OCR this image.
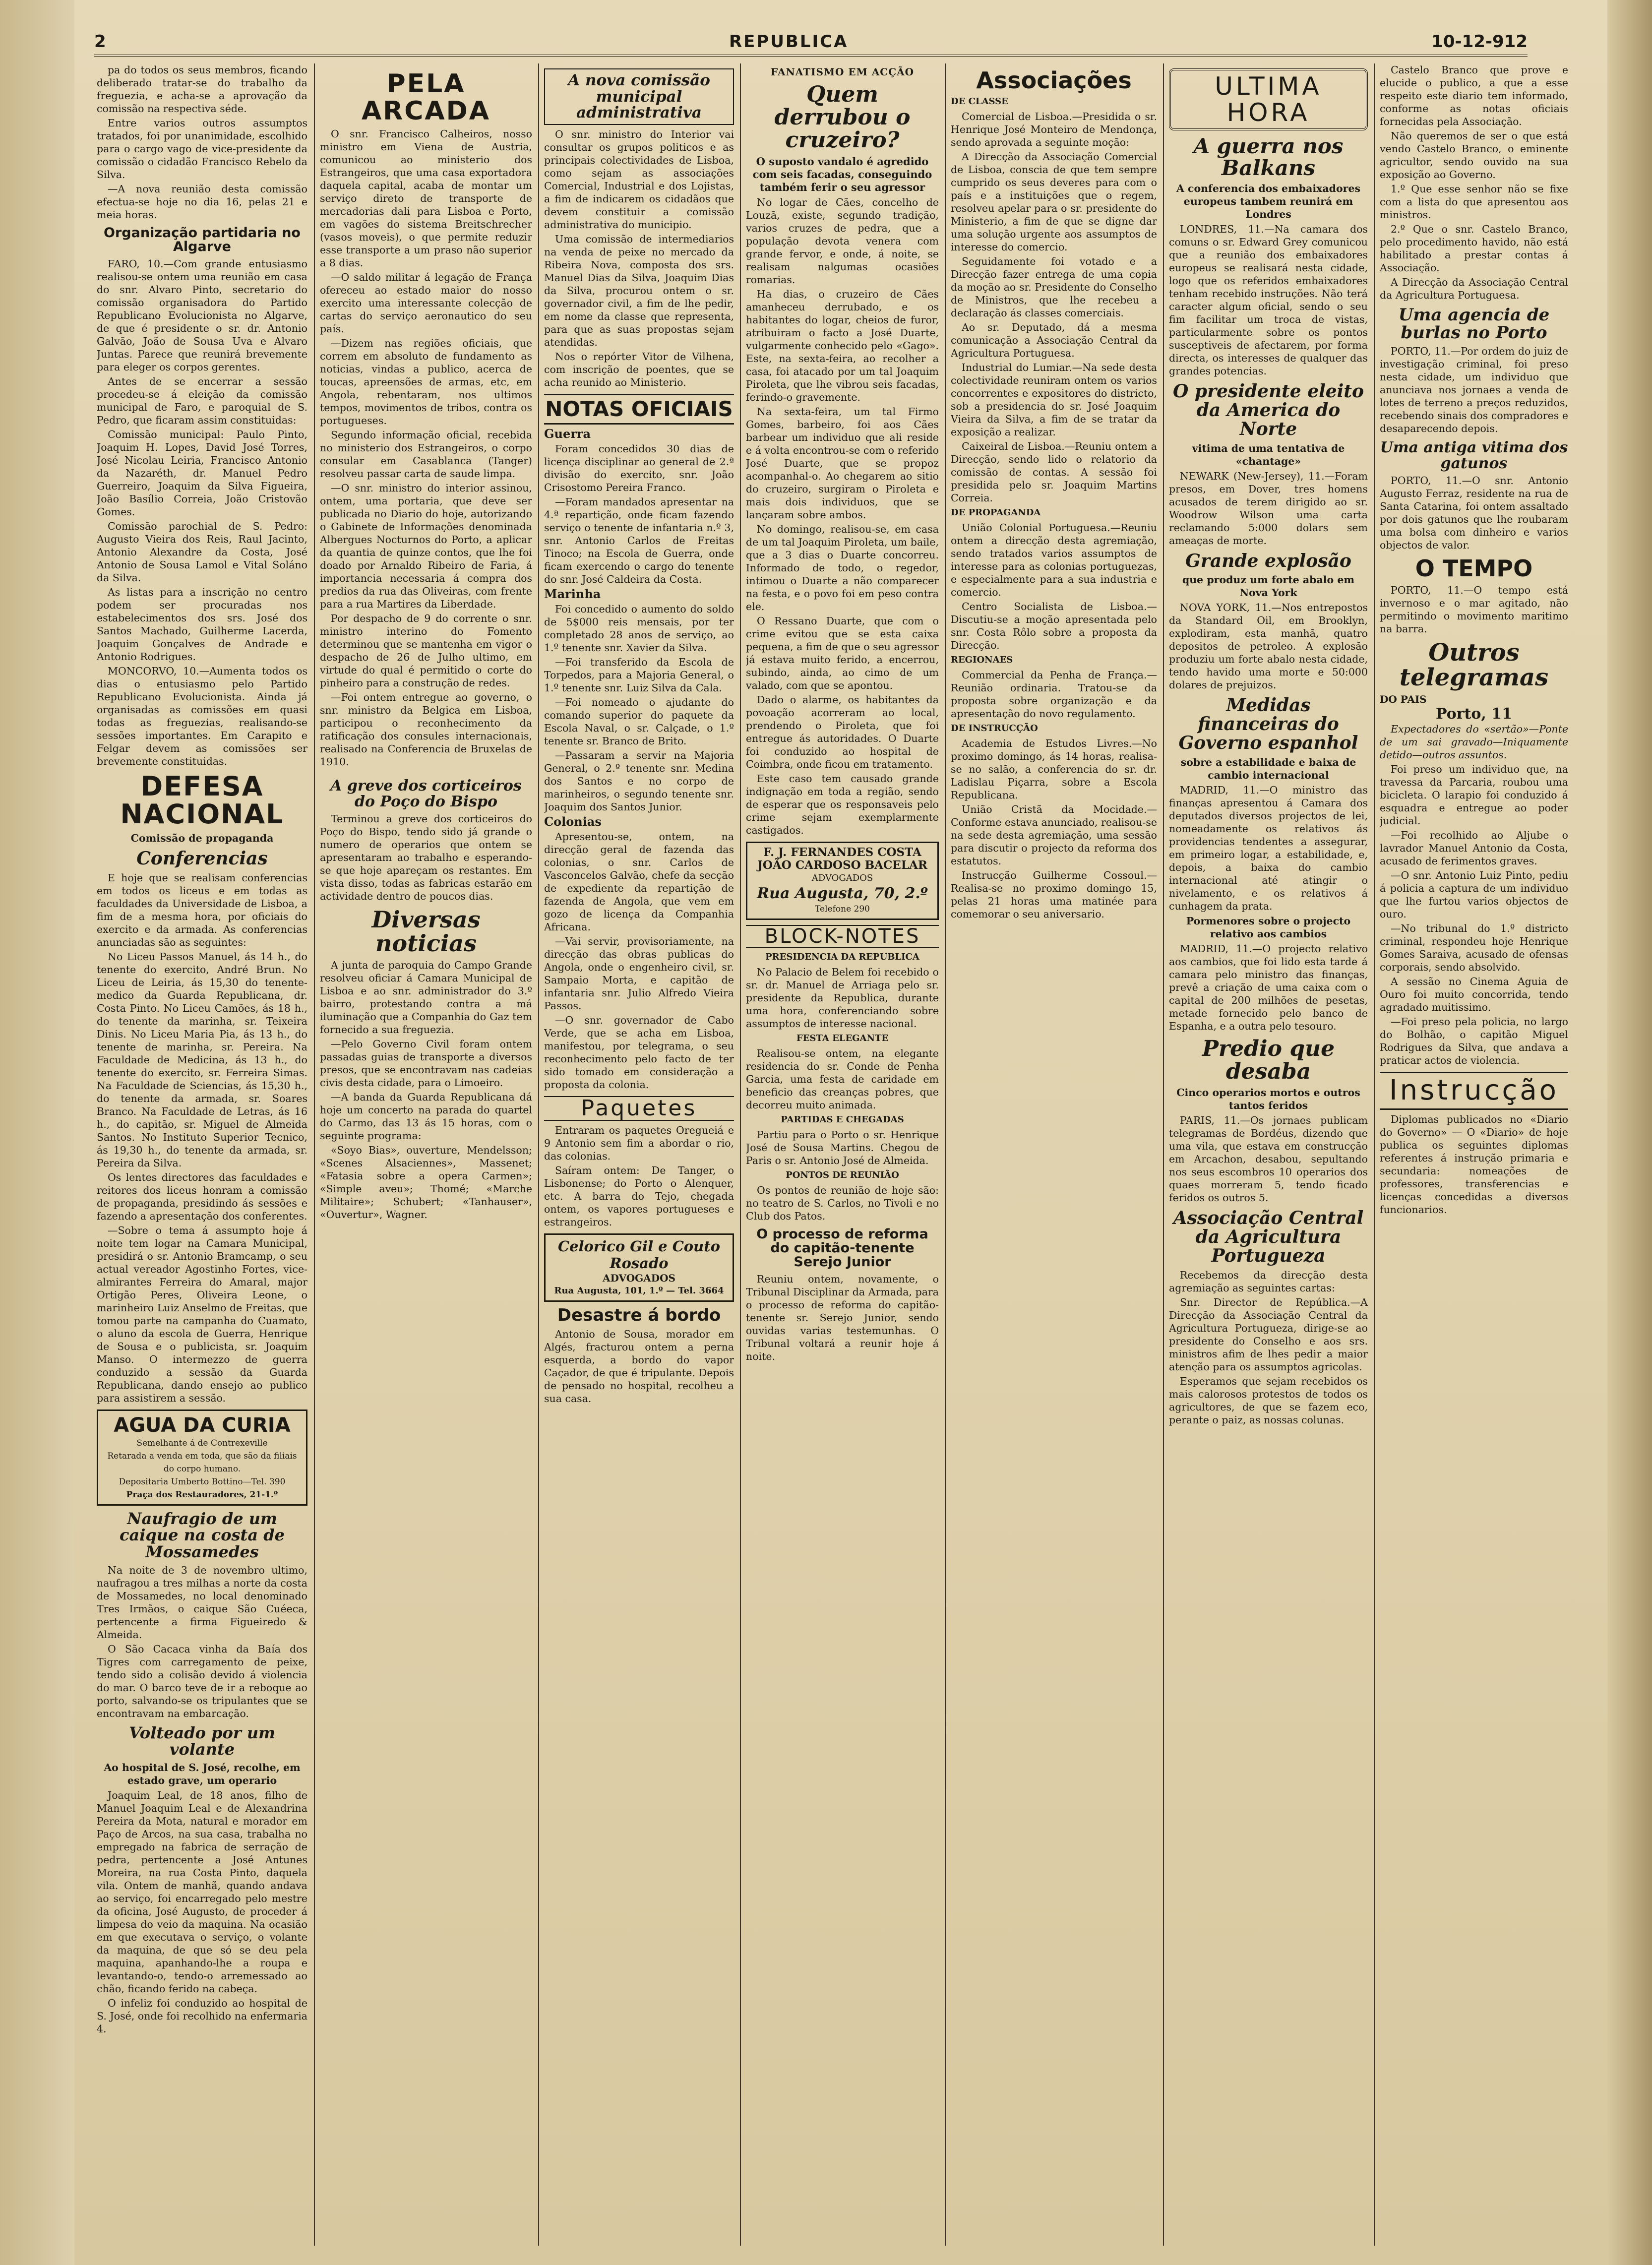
2	REPUBLICA	10-12-912

pa do todos os seus membros, ficando deliberado tratar-se do trabalho da freguezia, e acha-se a aprovação da comissão na respectiva séde.

Entre varios outros assumptos tratados, foi por unanimidade, escolhido para o cargo vago de vice-presidente da comissão o cidadão Francisco Rebelo da Silva.

—A nova reunião desta comissão efectua-se hoje no dia 16, pelas 21 e meia horas.

Organização partidaria no Algarve

FARO, 10.—Com grande entusiasmo realisou-se ontem uma reunião em casa do snr. Alvaro Pinto, secretario do comissão organisadora do Partido Republicano Evolucionista no Algarve, de que é presidente o sr. dr. Antonio Galvão, João de Sousa Uva e Alvaro Juntas. Parece que reunirá brevemente para eleger os corpos gerentes.

Antes de se encerrar a sessão procedeu-se á eleição da comissão municipal de Faro, e paroquial de S. Pedro, que ficaram assim constituidas:

Comissão municipal: Paulo Pinto, Joaquim H. Lopes, David José Torres, José Nicolau Leiria, Francisco Antonio da Nazaréth, dr. Manuel Pedro Guerreiro, Joaquim da Silva Figueira, João Basílio Correia, João Cristovão Gomes.

Comissão parochial de S. Pedro: Augusto Vieira dos Reis, Raul Jacinto, Antonio Alexandre da Costa, José Antonio de Sousa Lamol e Vital Soláno da Silva.

As listas para a inscrição no centro podem ser procuradas nos estabelecimentos dos srs. José dos Santos Machado, Guilherme Lacerda, Joaquim Gonçalves de Andrade e Antonio Rodrigues.

MONCORVO, 10.—Aumenta todos os dias o entusiasmo pelo Partido Republicano Evolucionista. Ainda já organisadas as comissões em quasi todas as freguezias, realisando-se sessões importantes. Em Carapito e Felgar devem as comissões ser brevemente constituidas.

DEFESA NACIONAL
Comissão de propaganda
Conferencias

E hoje que se realisam conferencias em todos os liceus e em todas as faculdades da Universidade de Lisboa, a fim de a mesma hora, por oficiais do exercito e da armada. As conferencias anunciadas são as seguintes:

No Liceu Passos Manuel, ás 14 h., do tenente do exercito, André Brun. No Liceu de Leiria, ás 15,30 do tenente-medico da Guarda Republicana, dr. Costa Pinto. No Liceu Camões, ás 18 h., do tenente da marinha, sr. Teixeira Dinis. No Liceu Maria Pia, ás 13 h., do tenente de marinha, sr. Pereira. Na Faculdade de Medicina, ás 13 h., do tenente do exercito, sr. Ferreira Simas. Na Faculdade de Sciencias, ás 15,30 h., do tenente da armada, sr. Soares Branco. Na Faculdade de Letras, ás 16 h., do capitão, sr. Miguel de Almeida Santos. No Instituto Superior Tecnico, ás 19,30 h., do tenente da armada, sr. Pereira da Silva.

Os lentes directores das faculdades e reitores dos liceus honram a comissão de propaganda, presidindo ás sessões e fazendo a apresentação dos conferentes.

—Sobre o tema á assumpto hoje á noite tem logar na Camara Municipal, presidirá o sr. Antonio Bramcamp, o seu actual vereador Agostinho Fortes, vice-almirantes Ferreira do Amaral, major Ortigão Peres, Oliveira Leone, o marinheiro Luiz Anselmo de Freitas, que tomou parte na campanha do Cuamato, o aluno da escola de Guerra, Henrique de Sousa e o publicista, sr. Joaquim Manso. O intermezzo de guerra conduzido a sessão da Guarda Republicana, dando ensejo ao publico para assistirem a sessão.

AGUA DA CURIA
Semelhante á de Contrexeville
Retarada a venda em toda, que são da filiais do corpo humano.
Depositaria Umberto Bottino—Tel. 390
Praça dos Restauradores, 21-1.º
Naufragio de um caique na costa de Mossamedes

Na noite de 3 de novembro ultimo, naufragou a tres milhas a norte da costa de Mossamedes, no local denominado Tres Irmãos, o caique São Cuéeca, pertencente a firma Figueiredo & Almeida.

O São Cacaca vinha da Baía dos Tigres com carregamento de peixe, tendo sido a colisão devido á violencia do mar. O barco teve de ir a reboque ao porto, salvando-se os tripulantes que se encontravam na embarcação.

Volteado por um volante
Ao hospital de S. José, recolhe, em estado grave, um operario

Joaquim Leal, de 18 anos, filho de Manuel Joaquim Leal e de Alexandrina Pereira da Mota, natural e morador em Paço de Arcos, na sua casa, trabalha no empregado na fabrica de serração de pedra, pertencente a José Antunes Moreira, na rua Costa Pinto, daquela vila. Ontem de manhã, quando andava ao serviço, foi encarregado pelo mestre da oficina, José Augusto, de proceder á limpesa do veio da maquina. Na ocasião em que executava o serviço, o volante da maquina, de que só se deu pela maquina, apanhando-lhe a roupa e levantando-o, tendo-o arremessado ao chão, ficando ferido na cabeça.

O infeliz foi conduzido ao hospital de S. José, onde foi recolhido na enfermaria 4.

PELA ARCADA

O snr. Francisco Calheiros, nosso ministro em Viena de Austria, comunicou ao ministerio dos Estrangeiros, que uma casa exportadora daquela capital, acaba de montar um serviço direto de transporte de mercadorias dali para Lisboa e Porto, em vagões do sistema Breitschrecher (vasos moveis), o que permite reduzir esse transporte a um praso não superior a 8 dias.

—O saldo militar á legação de França ofereceu ao estado maior do nosso exercito uma interessante colecção de cartas do serviço aeronautico do seu país.

—Dizem nas regiões oficiais, que correm em absoluto de fundamento as noticias, vindas a publico, acerca de toucas, apreensões de armas, etc, em Angola, rebentaram, nos ultimos tempos, movimentos de tribos, contra os portugueses.

Segundo informação oficial, recebida no ministerio dos Estrangeiros, o corpo consular em Casablanca (Tanger) resolveu passar carta de saude limpa.

—O snr. ministro do interior assinou, ontem, uma portaria, que deve ser publicada no Diario do hoje, autorizando o Gabinete de Informações denominada Albergues Nocturnos do Porto, a aplicar da quantia de quinze contos, que lhe foi doado por Arnaldo Ribeiro de Faria, á importancia necessaria á compra dos predios da rua das Oliveiras, com frente para a rua Martires da Liberdade.

Por despacho de 9 do corrente o snr. ministro interino do Fomento determinou que se mantenha em vigor o despacho de 26 de Julho ultimo, em virtude do qual é permitido o corte do pinheiro para a construção de redes.

—Foi ontem entregue ao governo, o snr. ministro da Belgica em Lisboa, participou o reconhecimento da ratificação dos consules internacionais, realisado na Conferencia de Bruxelas de 1910.

A greve dos corticeiros do Poço do Bispo

Terminou a greve dos corticeiros do Poço do Bispo, tendo sido já grande o numero de operarios que ontem se apresentaram ao trabalho e esperando-se que hoje apareçam os restantes. Em vista disso, todas as fabricas estarão em actividade dentro de poucos dias.

Diversas noticias

A junta de paroquia do Campo Grande resolveu oficiar á Camara Municipal de Lisboa e ao snr. administrador do 3.º bairro, protestando contra a má iluminação que a Companhia do Gaz tem fornecido a sua freguezia.

—Pelo Governo Civil foram ontem passadas guias de transporte a diversos presos, que se encontravam nas cadeias civis desta cidade, para o Limoeiro.

—A banda da Guarda Republicana dá hoje um concerto na parada do quartel do Carmo, das 13 ás 15 horas, com o seguinte programa:

«Soyo Bias», ouverture, Mendelsson; «Scenes Alsaciennes», Massenet; «Fatasia sobre a opera Carmen»; «Simple aveu»; Thomé; «Marche Militaire»; Schubert; «Tanhauser», «Ouvertur», Wagner.

A nova comissão municipal administrativa

O snr. ministro do Interior vai consultar os grupos politicos e as principais colectividades de Lisboa, como sejam as associações Comercial, Industrial e dos Lojistas, a fim de indicarem os cidadãos que devem constituir a comissão administrativa do municipio.

Uma comissão de intermediarios na venda de peixe no mercado da Ribeira Nova, composta dos srs. Manuel Dias da Silva, Joaquim Dias da Silva, procurou ontem o sr. governador civil, a fim de lhe pedir, em nome da classe que representa, para que as suas propostas sejam atendidas.

Nos o repórter Vitor de Vilhena, com inscrição de poentes, que se acha reunido ao Ministerio.

NOTAS OFICIAIS
Guerra

Foram concedidos 30 dias de licença disciplinar ao general de 2.ª divisão do exercito, snr. João Crisostomo Pereira Franco.

—Foram mandados apresentar na 4.ª repartição, onde ficam fazendo serviço o tenente de infantaria n.º 3, snr. Antonio Carlos de Freitas Tinoco; na Escola de Guerra, onde ficam exercendo o cargo do tenente do snr. José Caldeira da Costa.

Marinha

Foi concedido o aumento do soldo de 5$000 reis mensais, por ter completado 28 anos de serviço, ao 1.º tenente snr. Xavier da Silva.

—Foi transferido da Escola de Torpedos, para a Majoria General, o 1.º tenente snr. Luiz Silva da Cala.

—Foi nomeado o ajudante do comando superior do paquete da Escola Naval, o sr. Calçade, o 1.º tenente sr. Branco de Brito.

—Passaram a servir na Majoria General, o 2.º tenente snr. Medina dos Santos e no corpo de marinheiros, o segundo tenente snr. Joaquim dos Santos Junior.

Colonias

Apresentou-se, ontem, na direcção geral de fazenda das colonias, o snr. Carlos de Vasconcelos Galvão, chefe da secção de expediente da repartição de fazenda de Angola, que vem em gozo de licença da Companhia Africana.

—Vai servir, provisoriamente, na direcção das obras publicas do Angola, onde o engenheiro civil, sr. Sampaio Morta, e capitão de infantaria snr. Julio Alfredo Vieira Passos.

—O snr. governador de Cabo Verde, que se acha em Lisboa, manifestou, por telegrama, o seu reconhecimento pelo facto de ter sido tomado em consideração a proposta da colonia.

Paquetes

Entraram os paquetes Oregueiá e 9 Antonio sem fim a abordar o rio, das colonias.

Saíram ontem: De Tanger, o Lisbonense; do Porto o Alenquer, etc. A barra do Tejo, chegada ontem, os vapores portugueses e estrangeiros.

Celorico Gil e Couto Rosado
ADVOGADOS
Rua Augusta, 101, 1.º — Tel. 3664
Desastre á bordo

Antonio de Sousa, morador em Algés, fracturou ontem a perna esquerda, a bordo do vapor Caçador, de que é tripulante. Depois de pensado no hospital, recolheu a sua casa.

FANATISMO EM ACÇÃO
Quem derrubou o cruzeiro?
O suposto vandalo é agredido com seis facadas, conseguindo também ferir o seu agressor

No logar de Cães, concelho de Louzã, existe, segundo tradição, varios cruzes de pedra, que a população devota venera com grande fervor, e onde, á noite, se realisam nalgumas ocasiões romarias.

Ha dias, o cruzeiro de Cães amanheceu derrubado, e os habitantes do logar, cheios de furor, atribuiram o facto a José Duarte, vulgarmente conhecido pelo «Gago». Este, na sexta-feira, ao recolher a casa, foi atacado por um tal Joaquim Piroleta, que lhe vibrou seis facadas, ferindo-o gravemente.

Na sexta-feira, um tal Firmo Gomes, barbeiro, foi aos Cães barbear um individuo que ali reside e á volta encontrou-se com o referido José Duarte, que se propoz acompanhal-o. Ao chegarem ao sitio do cruzeiro, surgiram o Piroleta e mais dois individuos, que se lançaram sobre ambos.

No domingo, realisou-se, em casa de um tal Joaquim Piroleta, um baile, que a 3 dias o Duarte concorreu. Informado de todo, o regedor, intimou o Duarte a não comparecer na festa, e o povo foi em peso contra ele.

O Ressano Duarte, que com o crime evitou que se esta caixa pequena, a fim de que o seu agressor já estava muito ferido, a encerrou, subindo, ainda, ao cimo de um valado, com que se apontou.

Dado o alarme, os habitantes da povoação acorreram ao local, prendendo o Piroleta, que foi entregue ás autoridades. O Duarte foi conduzido ao hospital de Coimbra, onde ficou em tratamento.

Este caso tem causado grande indignação em toda a região, sendo de esperar que os responsaveis pelo crime sejam exemplarmente castigados.

F. J. FERNANDES COSTA
JOÃO CARDOSO BACELAR
ADVOGADOS
Rua Augusta, 70, 2.º
Telefone 290
BLOCK-NOTES
PRESIDENCIA DA REPUBLICA

No Palacio de Belem foi recebido o sr. dr. Manuel de Arriaga pelo sr. presidente da Republica, durante uma hora, conferenciando sobre assumptos de interesse nacional.

FESTA ELEGANTE

Realisou-se ontem, na elegante residencia do sr. Conde de Penha Garcia, uma festa de caridade em beneficio das creanças pobres, que decorreu muito animada.

PARTIDAS E CHEGADAS

Partiu para o Porto o sr. Henrique José de Sousa Martins. Chegou de Paris o sr. Antonio José de Almeida.

PONTOS DE REUNIÃO

Os pontos de reunião de hoje são: no teatro de S. Carlos, no Tivoli e no Club dos Patos.

O processo de reforma do capitão-tenente Serejo Junior

Reuniu ontem, novamente, o Tribunal Disciplinar da Armada, para o processo de reforma do capitão-tenente sr. Serejo Junior, sendo ouvidas varias testemunhas. O Tribunal voltará a reunir hoje á noite.

Associações
DE CLASSE

Comercial de Lisboa.—Presidida o sr. Henrique José Monteiro de Mendonça, sendo aprovada a seguinte moção:

A Direcção da Associação Comercial de Lisboa, conscia de que tem sempre cumprido os seus deveres para com o país e a instituições que o regem, resolveu apelar para o sr. presidente do Ministerio, a fim de que se digne dar uma solução urgente aos assumptos de interesse do comercio.

Seguidamente foi votado e a Direcção fazer entrega de uma copia da moção ao sr. Presidente do Conselho de Ministros, que lhe recebeu a declaração ás classes comerciais.

Ao sr. Deputado, dá a mesma comunicação a Associação Central da Agricultura Portuguesa.

Industrial do Lumiar.—Na sede desta colectividade reuniram ontem os varios concorrentes e expositores do districto, sob a presidencia do sr. José Joaquim Vieira da Silva, a fim de se tratar da exposição a realizar.

Caixeiral de Lisboa.—Reuniu ontem a Direcção, sendo lido o relatorio da comissão de contas. A sessão foi presidida pelo sr. Joaquim Martins Correia.

DE PROPAGANDA

União Colonial Portuguesa.—Reuniu ontem a direcção desta agremiação, sendo tratados varios assumptos de interesse para as colonias portuguezas, e especialmente para a sua industria e comercio.

Centro Socialista de Lisboa.—Discutiu-se a moção apresentada pelo snr. Costa Rôlo sobre a proposta da Direcção.

REGIONAES

Commercial da Penha de França.—Reunião ordinaria. Tratou-se da proposta sobre organização e da apresentação do novo regulamento.

DE INSTRUCÇÃO

Academia de Estudos Livres.—No proximo domingo, ás 14 horas, realisa-se no salão, a conferencia do sr. dr. Ladislau Piçarra, sobre a Escola Republicana.

União Cristã da Mocidade.—Conforme estava anunciado, realisou-se na sede desta agremiação, uma sessão para discutir o projecto da reforma dos estatutos.

Instrucção Guilherme Cossoul.—Realisa-se no proximo domingo 15, pelas 21 horas uma matinée para comemorar o seu aniversario.

ULTIMA HORA
A guerra nos Balkans
A conferencia dos embaixadores europeus tambem reunirá em Londres

LONDRES, 11.—Na camara dos comuns o sr. Edward Grey comunicou que a reunião dos embaixadores europeus se realisará nesta cidade, logo que os referidos embaixadores tenham recebido instruções. Não terá caracter algum oficial, sendo o seu fim facilitar um troca de vistas, particularmente sobre os pontos susceptiveis de afectarem, por forma directa, os interesses de qualquer das grandes potencias.

O presidente eleito da America do Norte
vitima de uma tentativa de «chantage»

NEWARK (New-Jersey), 11.—Foram presos, em Dover, tres homens acusados de terem dirigido ao sr. Woodrow Wilson uma carta reclamando 5:000 dolars sem ameaças de morte.

Grande explosão
que produz um forte abalo em Nova York

NOVA YORK, 11.—Nos entrepostos da Standard Oil, em Brooklyn, explodiram, esta manhã, quatro depositos de petroleo. A explosão produziu um forte abalo nesta cidade, tendo havido uma morte e 50:000 dolares de prejuizos.

Medidas financeiras do Governo espanhol
sobre a estabilidade e baixa de cambio internacional

MADRID, 11.—O ministro das finanças apresentou á Camara dos deputados diversos projectos de lei, nomeadamente os relativos ás providencias tendentes a assegurar, em primeiro logar, a estabilidade, e, depois, a baixa do cambio internacional até atingir o nivelamento, e os relativos á cunhagem da prata.

Pormenores sobre o projecto relativo aos cambios

MADRID, 11.—O projecto relativo aos cambios, que foi lido esta tarde á camara pelo ministro das finanças, prevê a criação de uma caixa com o capital de 200 milhões de pesetas, metade fornecido pelo banco de Espanha, e a outra pelo tesouro.

Predio que desaba
Cinco operarios mortos e outros tantos feridos

PARIS, 11.—Os jornaes publicam telegramas de Bordéus, dizendo que uma vila, que estava em construcção em Arcachon, desabou, sepultando nos seus escombros 10 operarios dos quaes morreram 5, tendo ficado feridos os outros 5.

Associação Central da Agricultura Portugueza

Recebemos da direcção desta agremiação as seguintes cartas:

Snr. Director de República.—A Direcção da Associação Central da Agricultura Portugueza, dirige-se ao presidente do Conselho e aos srs. ministros afim de lhes pedir a maior atenção para os assumptos agricolas.

Esperamos que sejam recebidos os mais calorosos protestos de todos os agricultores, de que se fazem eco, perante o paiz, as nossas colunas.

Castelo Branco que prove e elucide o publico, a que a esse respeito este diario tem informado, conforme as notas oficiais fornecidas pela Associação.

Não queremos de ser o que está vendo Castelo Branco, o eminente agricultor, sendo ouvido na sua exposição ao Governo.

1.º Que esse senhor não se fixe com a lista do que apresentou aos ministros.

2.º Que o snr. Castelo Branco, pelo procedimento havido, não está habilitado a prestar contas á Associação.

A Direcção da Associação Central da Agricultura Portuguesa.

Uma agencia de burlas no Porto

PORTO, 11.—Por ordem do juiz de investigação criminal, foi preso nesta cidade, um individuo que anunciava nos jornaes a venda de lotes de terreno a preços reduzidos, recebendo sinais dos compradores e desaparecendo depois.

Uma antiga vitima dos gatunos

PORTO, 11.—O snr. Antonio Augusto Ferraz, residente na rua de Santa Catarina, foi ontem assaltado por dois gatunos que lhe roubaram uma bolsa com dinheiro e varios objectos de valor.

O TEMPO

PORTO, 11.—O tempo está invernoso e o mar agitado, não permitindo o movimento maritimo na barra.

Outros telegramas
DO PAIS
Porto, 11

Expectadores do «sertão»—Ponte de um sai gravado—Iniquamente detido—outros assuntos.

Foi preso um individuo que, na travessa da Parcaria, roubou uma bicicleta. O larapio foi conduzido á esquadra e entregue ao poder judicial.

—Foi recolhido ao Aljube o lavrador Manuel Antonio da Costa, acusado de ferimentos graves.

—O snr. Antonio Luiz Pinto, pediu á policia a captura de um individuo que lhe furtou varios objectos de ouro.

—No tribunal do 1.º districto criminal, respondeu hoje Henrique Gomes Saraiva, acusado de ofensas corporais, sendo absolvido.

A sessão no Cinema Aguia de Ouro foi muito concorrida, tendo agradado muitissimo.

—Foi preso pela policia, no largo do Bolhão, o capitão Miguel Rodrigues da Silva, que andava a praticar actos de violencia.

Instrucção

Diplomas publicados no «Diario do Governo» — O «Diario» de hoje publica os seguintes diplomas referentes á instrução primaria e secundaria: nomeações de professores, transferencias e licenças concedidas a diversos funcionarios.
